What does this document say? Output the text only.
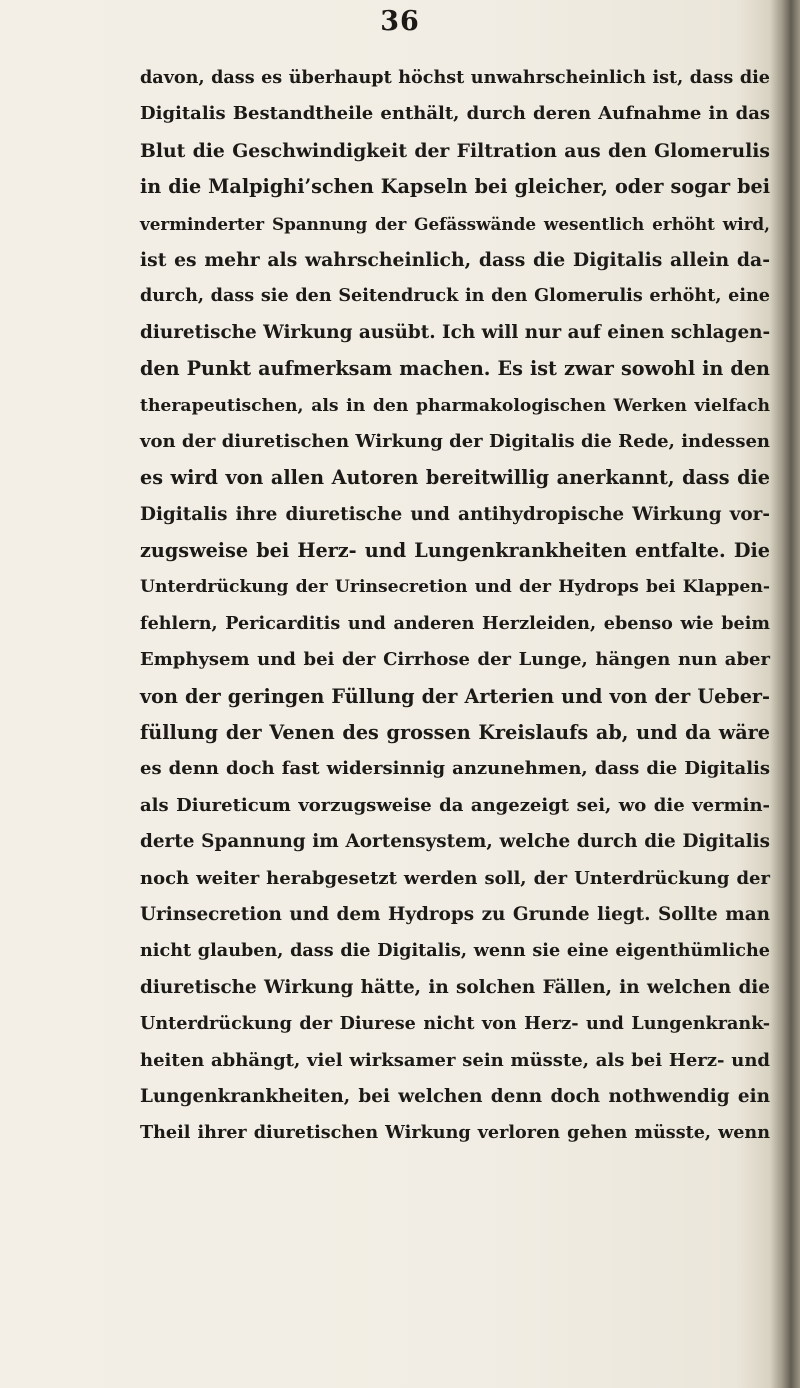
36
davon, dass es überhaupt höchst unwahrscheinlich ist, dass die
Digitalis Bestandtheile enthält, durch deren Aufnahme in das
Blut die Geschwindigkeit der Filtration aus den Glomerulis
in die Malpighi’schen Kapseln bei gleicher, oder sogar bei
verminderter Spannung der Gefässwände wesentlich erhöht wird,
ist es mehr als wahrscheinlich, dass die Digitalis allein da-
durch, dass sie den Seitendruck in den Glomerulis erhöht, eine
diuretische Wirkung ausübt. Ich will nur auf einen schlagen-
den Punkt aufmerksam machen. Es ist zwar sowohl in den
therapeutischen, als in den pharmakologischen Werken vielfach
von der diuretischen Wirkung der Digitalis die Rede, indessen
es wird von allen Autoren bereitwillig anerkannt, dass die
Digitalis ihre diuretische und antihydropische Wirkung vor-
zugsweise bei Herz- und Lungenkrankheiten entfalte. Die
Unterdrückung der Urinsecretion und der Hydrops bei Klappen-
fehlern, Pericarditis und anderen Herzleiden, ebenso wie beim
Emphysem und bei der Cirrhose der Lunge, hängen nun aber
von der geringen Füllung der Arterien und von der Ueber-
füllung der Venen des grossen Kreislaufs ab, und da wäre
es denn doch fast widersinnig anzunehmen, dass die Digitalis
als Diureticum vorzugsweise da angezeigt sei, wo die vermin-
derte Spannung im Aortensystem, welche durch die Digitalis
noch weiter herabgesetzt werden soll, der Unterdrückung der
Urinsecretion und dem Hydrops zu Grunde liegt. Sollte man
nicht glauben, dass die Digitalis, wenn sie eine eigenthümliche
diuretische Wirkung hätte, in solchen Fällen, in welchen die
Unterdrückung der Diurese nicht von Herz- und Lungenkrank-
heiten abhängt, viel wirksamer sein müsste, als bei Herz- und
Lungenkrankheiten, bei welchen denn doch nothwendig ein
Theil ihrer diuretischen Wirkung verloren gehen müsste, wenn
